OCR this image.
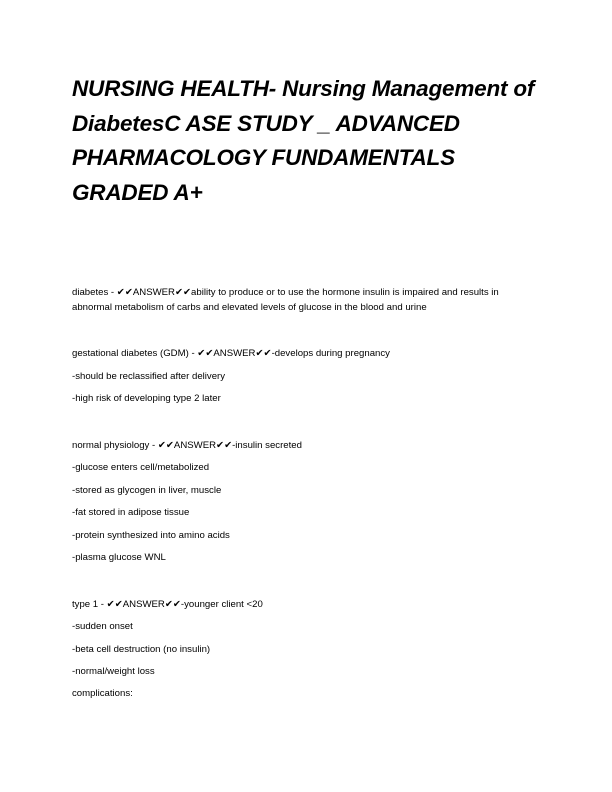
NURSING HEALTH- Nursing Management of DiabetesC ASE STUDY _ ADVANCED PHARMACOLOGY FUNDAMENTALS GRADED A+

diabetes - ✔✔ANSWER✔✔ability to produce or to use the hormone insulin is impaired and results in abnormal metabolism of carbs and elevated levels of glucose in the blood and urine

gestational diabetes (GDM) - ✔✔ANSWER✔✔-develops during pregnancy

-should be reclassified after delivery

-high risk of developing type 2 later

normal physiology - ✔✔ANSWER✔✔-insulin secreted

-glucose enters cell/metabolized

-stored as glycogen in liver, muscle

-fat stored in adipose tissue

-protein synthesized into amino acids

-plasma glucose WNL

type 1 - ✔✔ANSWER✔✔-younger client <20

-sudden onset

-beta cell destruction (no insulin)

-normal/weight loss

complications:
